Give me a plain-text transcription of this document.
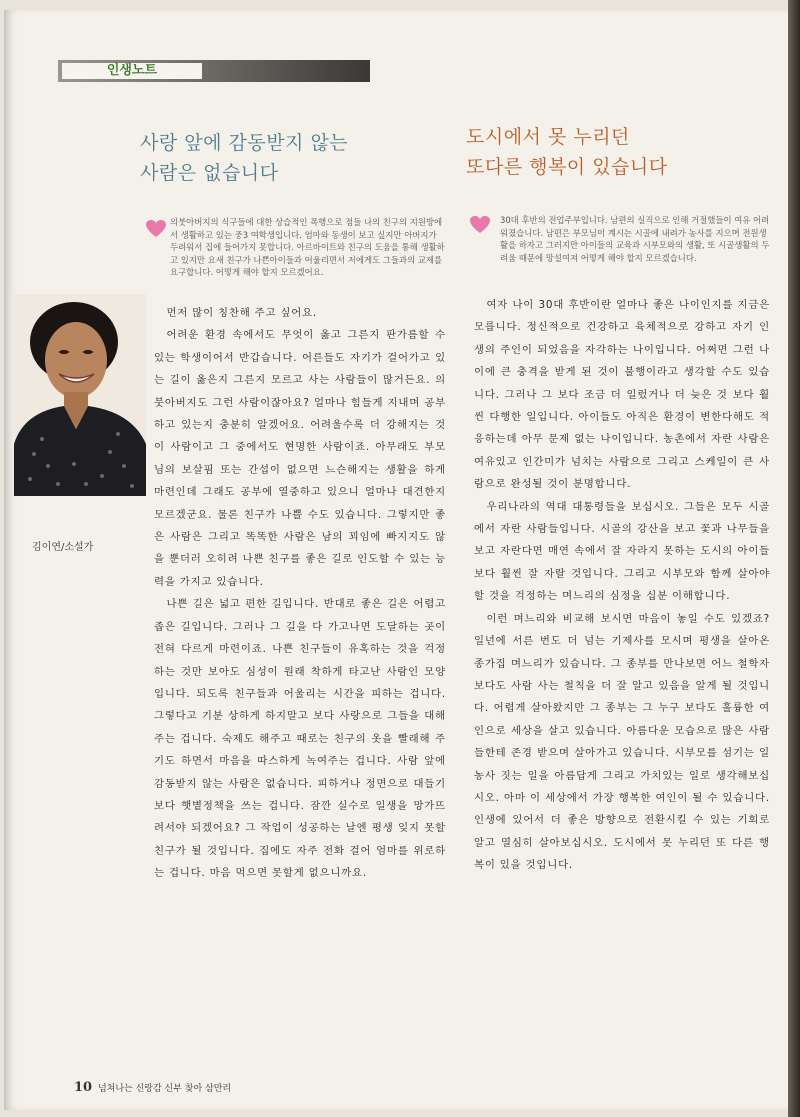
인생노트
사랑 앞에 감동받지 않는
사람은 없습니다
의붓아버지의 식구들에 대한 상습적인 폭행으로 점들 나의 친구의 지원방에서 생활하고 있는 중3 여학생입니다. 엄마와 동생이 보고 싶지만 아버지가 두려워서 집에 들어가지 못합니다. 아르바이트와 친구의 도움을 통해 생활하고 있지만 요새 친구가 나쁜아이들과 어울리면서 저에게도 그들과의 교제를 요구합니다. 어떻게 해야 할지 모르겠어요.
김이연/소설가

먼저 많이 칭찬해 주고 싶어요.

어려운 환경 속에서도 무엇이 옳고 그른지 판가름할 수 있는 학생이어서 반갑습니다. 어른들도 자기가 걸어가고 있는 길이 옳은지 그른지 모르고 사는 사람들이 많거든요. 의붓아버지도 그런 사람이잖아요? 얼마나 힘들게 지내며 공부하고 있는지 충분히 알겠어요. 어려울수록 더 강해지는 것이 사람이고 그 중에서도 현명한 사람이죠. 아무래도 부모님의 보살핌 또는 간섭이 없으면 느슨해지는 생활을 하게 마련인데 그래도 공부에 열중하고 있으니 얼마나 대견한지 모르겠군요. 물론 친구가 나쁠 수도 있습니다. 그렇지만 좋은 사람은 그리고 똑똑한 사람은 남의 꾀임에 빠지지도 않을 뿐더러 오히려 나쁜 친구를 좋은 길로 인도할 수 있는 능력을 가지고 있습니다.

나쁜 길은 넓고 편한 길입니다. 반대로 좋은 길은 어렵고 좁은 길입니다. 그러나 그 길을 다 가고나면 도달하는 곳이 전혀 다르게 마련이죠. 나쁜 친구들이 유혹하는 것을 걱정하는 것만 보아도 심성이 원래 착하게 타고난 사람인 모양입니다. 되도록 친구들과 어울리는 시간을 피하는 겁니다. 그렇다고 기분 상하게 하지말고 보다 사랑으로 그들을 대해주는 겁니다. 숙제도 해주고 때로는 친구의 옷을 빨래해 주기도 하면서 마음을 따스하게 녹여주는 겁니다. 사람 앞에 감동받지 않는 사람은 없습니다. 피하거나 정면으로 대들기 보다 햇볕정책을 쓰는 겁니다. 잠깐 실수로 일생을 망가뜨려서야 되겠어요? 그 작업이 성공하는 날엔 평생 잊지 못할 친구가 될 것입니다. 집에도 자주 전화 걸어 엄마를 위로하는 겁니다. 마음 먹으면 못할게 없으니까요.

도시에서 못 누리던
또다른 행복이 있습니다
30대 후반의 전업주부입니다. 남편의 실직으로 인해 거절했들이 여유 어려워졌습니다. 남편은 부모님이 계시는 시골에 내려가 농사를 지으며 전원생활을 하자고 그러지만 아이들의 교육과 시부모와의 생활, 또 시골생활의 두려움 때문에 망설여져 어떻게 해야 할지 모르겠습니다.

여자 나이 30대 후반이란 얼마나 좋은 나이인지를 지금은 모릅니다. 정신적으로 건강하고 육체적으로 강하고 자기 인생의 주인이 되었음을 자각하는 나이입니다. 어쩌면 그런 나이에 큰 충격을 받게 된 것이 불행이라고 생각할 수도 있습니다. 그러나 그 보다 조금 더 일렀거나 더 늦은 것 보다 훨씬 다행한 일입니다. 아이들도 아직은 환경이 변한다해도 적응하는데 아무 문제 없는 나이입니다. 농촌에서 자란 사람은 여유있고 인간미가 넘치는 사람으로 그리고 스케일이 큰 사람으로 완성될 것이 분명합니다.

우리나라의 역대 대통령들을 보십시오. 그들은 모두 시골에서 자란 사람들입니다. 시골의 강산을 보고 꽃과 나무들을 보고 자란다면 매연 속에서 잘 자라지 못하는 도시의 아이들보다 훨씬 잘 자랄 것입니다. 그리고 시부모와 함께 살아야할 것을 걱정하는 며느리의 심정을 십분 이해합니다.

이런 며느리와 비교해 보시면 마음이 놓일 수도 있겠죠? 일년에 서른 번도 더 넘는 기제사를 모시며 평생을 살아온 종가집 며느리가 있습니다. 그 종부를 만나보면 어느 철학자 보다도 사람 사는 철칙을 더 잘 알고 있음을 알게 될 것입니다. 어렵게 살아왔지만 그 종부는 그 누구 보다도 훌륭한 여인으로 세상을 살고 있습니다. 아름다운 모습으로 많은 사람들한테 존경 받으며 살아가고 있습니다. 시부모를 섬기는 일 농사 짓는 일을 아름답게 그리고 가치있는 일로 생각해보십시오. 아마 이 세상에서 가장 행복한 여인이 될 수 있습니다. 인생에 있어서 더 좋은 방향으로 전환시킬 수 있는 기회로 알고 열심히 살아보십시오. 도시에서 못 누리던 또 다른 행복이 있을 것입니다.

10 넘쳐나는 신랑감 신부 찾아 삼만리
